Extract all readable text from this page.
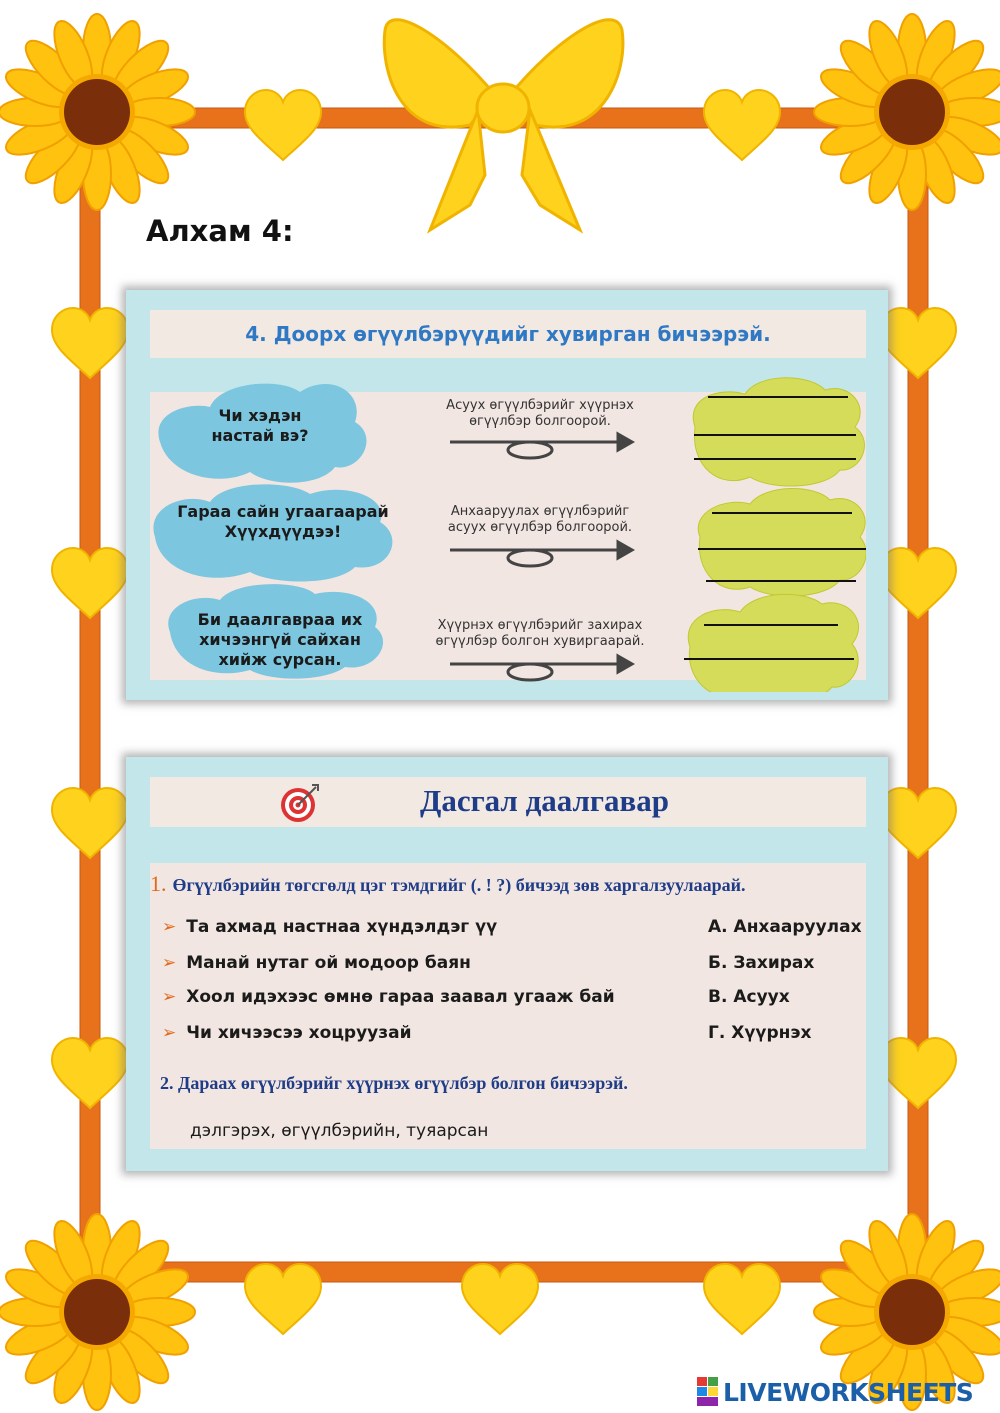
Алхам 4:
4. Доорх өгүүлбэрүүдийг хувирган бичээрэй.
Чи хэдэн
настай вэ?
Гараа сайн угаагаарай
Хүүхдүүдээ!
Би даалгавраа их
хичээнгүй сайхан
хийж сурсан.
Асуух өгүүлбэрийг хүүрнэх
өгүүлбэр болгоорой.
Анхааруулах өгүүлбэрийг
асуух өгүүлбэр болгоорой.
Хүүрнэх өгүүлбэрийг захирах
өгүүлбэр болгон хувиргаарай.
Дасгал даалгавар
1. Өгүүлбэрийн төгсгөлд цэг тэмдгийг (. ! ?) бичээд зөв харгалзуулаарай.
➢ Та ахмад настнаа хүндэлдэг үү
➢ Манай нутаг ой модоор баян
➢ Хоол идэхээс өмнө гараа заавал угааж бай
➢ Чи хичээсээ хоцруузай
А. Анхааруулах
Б. Захирах
В. Асуух
Г. Хүүрнэх
2. Дараах өгүүлбэрийг хүүрнэх өгүүлбэр болгон бичээрэй.
дэлгэрэх, өгүүлбэрийн, туяарсан
LIVEWORKSHEETS
